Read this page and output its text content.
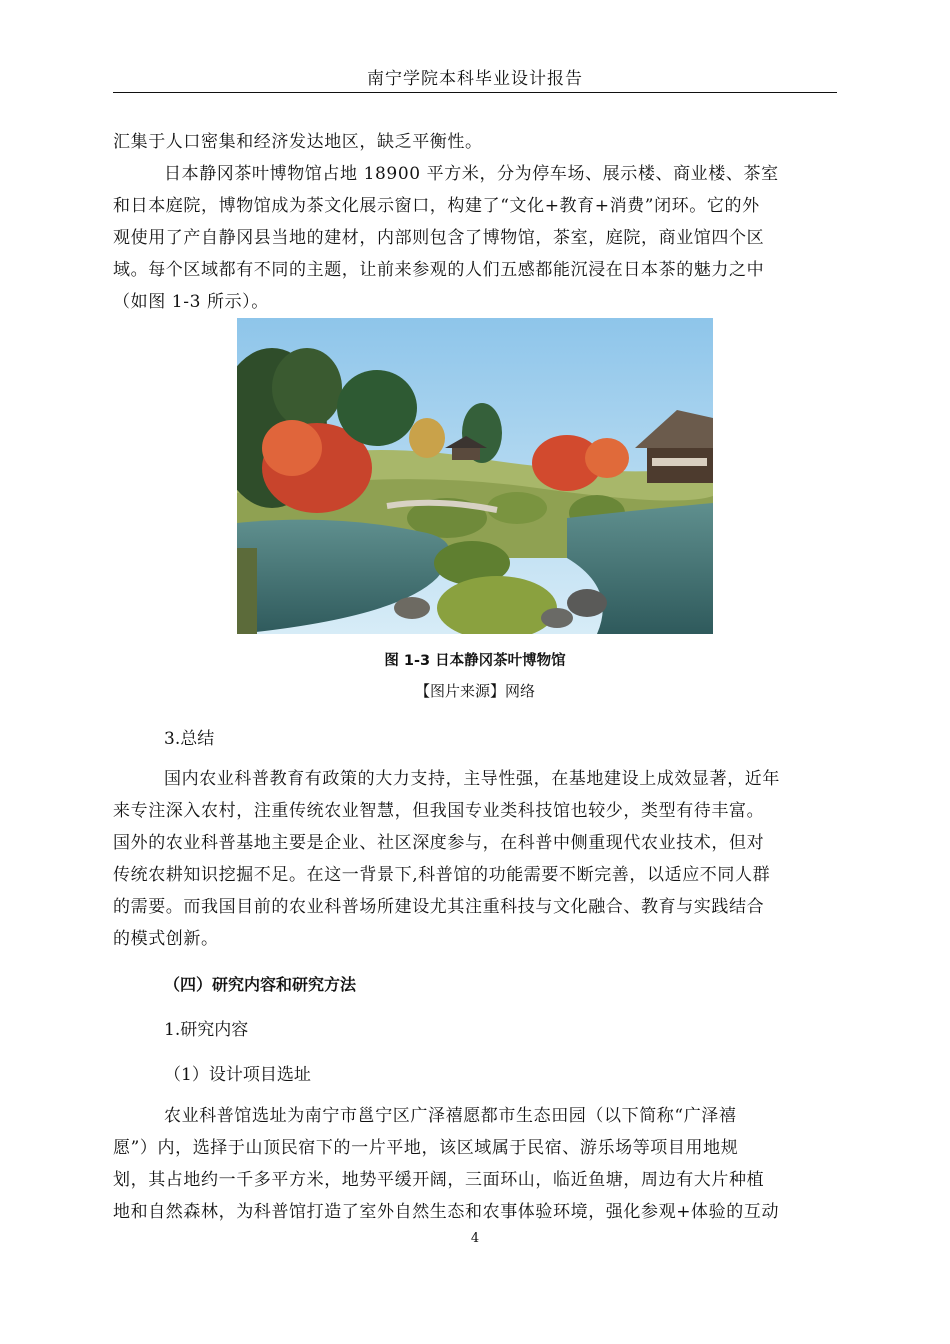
南宁学院本科毕业设计报告

汇集于人口密集和经济发达地区，缺乏平衡性。

日本静冈茶叶博物馆占地 18900 平方米，分为停车场、展示楼、商业楼、茶室
和日本庭院，博物馆成为茶文化展示窗口，构建了“文化+教育+消费”闭环。它的外
观使用了产自静冈县当地的建材，内部则包含了博物馆，茶室，庭院，商业馆四个区
域。每个区域都有不同的主题，让前来参观的人们五感都能沉浸在日本茶的魅力之中
（如图 1-3 所示）。

图 1-3 日本静冈茶叶博物馆
【图片来源】网络
3.总结

国内农业科普教育有政策的大力支持，主导性强，在基地建设上成效显著，近年
来专注深入农村，注重传统农业智慧，但我国专业类科技馆也较少，类型有待丰富。
国外的农业科普基地主要是企业、社区深度参与，在科普中侧重现代农业技术，但对
传统农耕知识挖掘不足。在这一背景下,科普馆的功能需要不断完善，以适应不同人群
的需要。而我国目前的农业科普场所建设尤其注重科技与文化融合、教育与实践结合
的模式创新。

（四）研究内容和研究方法
1.研究内容
（1）设计项目选址

农业科普馆选址为南宁市邕宁区广泽禧愿都市生态田园（以下简称“广泽禧
愿”）内，选择于山顶民宿下的一片平地，该区域属于民宿、游乐场等项目用地规
划，其占地约一千多平方米，地势平缓开阔，三面环山，临近鱼塘，周边有大片种植
地和自然森林，为科普馆打造了室外自然生态和农事体验环境，强化参观+体验的互动

4
